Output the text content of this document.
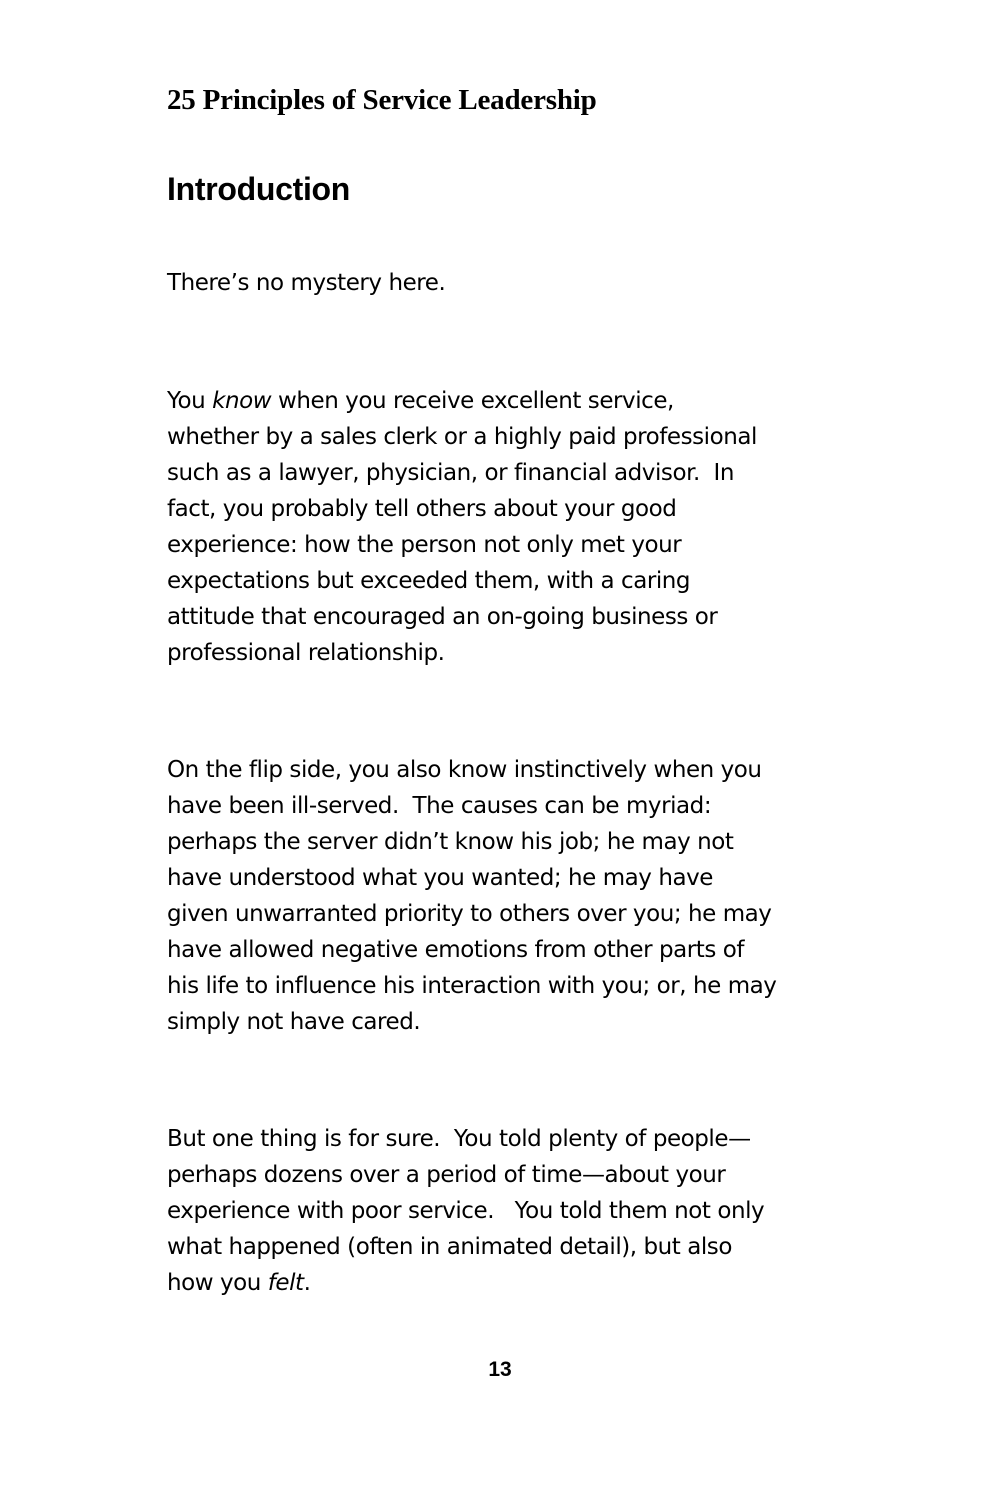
25 Principles of Service Leadership
Introduction

There’s no mystery here.

You know when you receive excellent service,
whether by a sales clerk or a highly paid professional
such as a lawyer, physician, or financial advisor.  In
fact, you probably tell others about your good
experience: how the person not only met your
expectations but exceeded them, with a caring
attitude that encouraged an on-going business or
professional relationship.

On the flip side, you also know instinctively when you
have been ill-served.  The causes can be myriad:
perhaps the server didn’t know his job; he may not
have understood what you wanted; he may have
given unwarranted priority to others over you; he may
have allowed negative emotions from other parts of
his life to influence his interaction with you; or, he may
simply not have cared.

But one thing is for sure.  You told plenty of people—
perhaps dozens over a period of time—about your
experience with poor service.   You told them not only
what happened (often in animated detail), but also
how you felt.

13
